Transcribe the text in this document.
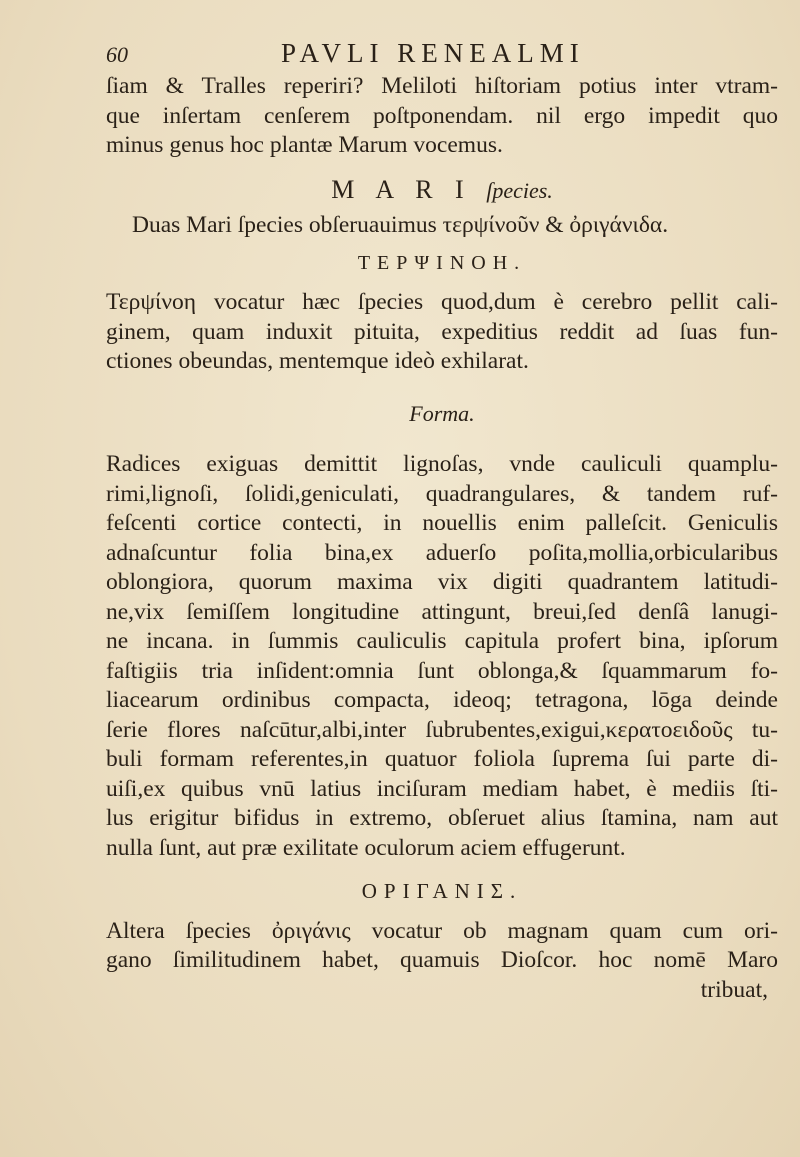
60	PAVLI RENEALMI
ſiam & Tralles reperiri? Meliloti hiſtoriam potius inter vtram-
que inſertam cenſerem poſtponendam. nil ergo impedit quo
minus genus hoc plantæ Marum vocemus.
M A R I ſpecies.
Duas Mari ſpecies obſeruauimus τερψίνοῦν & ὀριγάνιδα.
ΤΕΡΨΙΝΟΗ.
Τερψίνοη vocatur hæc ſpecies quod,dum è cerebro pellit cali-
ginem, quam induxit pituita, expeditius reddit ad ſuas fun-
ctiones obeundas, mentemque ideò exhilarat.
Forma.
Radices exiguas demittit lignoſas, vnde cauliculi quamplu-
rimi,lignoſi, ſolidi,geniculati, quadrangulares, & tandem ruf-
feſcenti cortice contecti, in nouellis enim palleſcit. Geniculis
adnaſcuntur folia bina,ex aduerſo poſita,mollia,orbicularibus
oblongiora, quorum maxima vix digiti quadrantem latitudi-
ne,vix ſemiſſem longitudine attingunt, breui,ſed denſâ lanugi-
ne incana. in ſummis cauliculis capitula profert bina, ipſorum
faſtigiis tria inſident:omnia ſunt oblonga,& ſquammarum fo-
liacearum ordinibus compacta, ideoq; tetragona, lōga deinde
ſerie flores naſcūtur,albi,inter ſubrubentes,exigui,κερατοειδοῦς tu-
buli formam referentes,in quatuor foliola ſuprema ſui parte di-
uiſi,ex quibus vnū latius inciſuram mediam habet, è mediis ſti-
lus erigitur bifidus in extremo, obſeruet alius ſtamina, nam aut
nulla ſunt, aut præ exilitate oculorum aciem effugerunt.
ΟΡΙΓΑΝΙΣ.
Altera ſpecies ὀριγάνις vocatur ob magnam quam cum ori-
gano ſimilitudinem habet, quamuis Dioſcor. hoc nomē Maro
tribuat,
